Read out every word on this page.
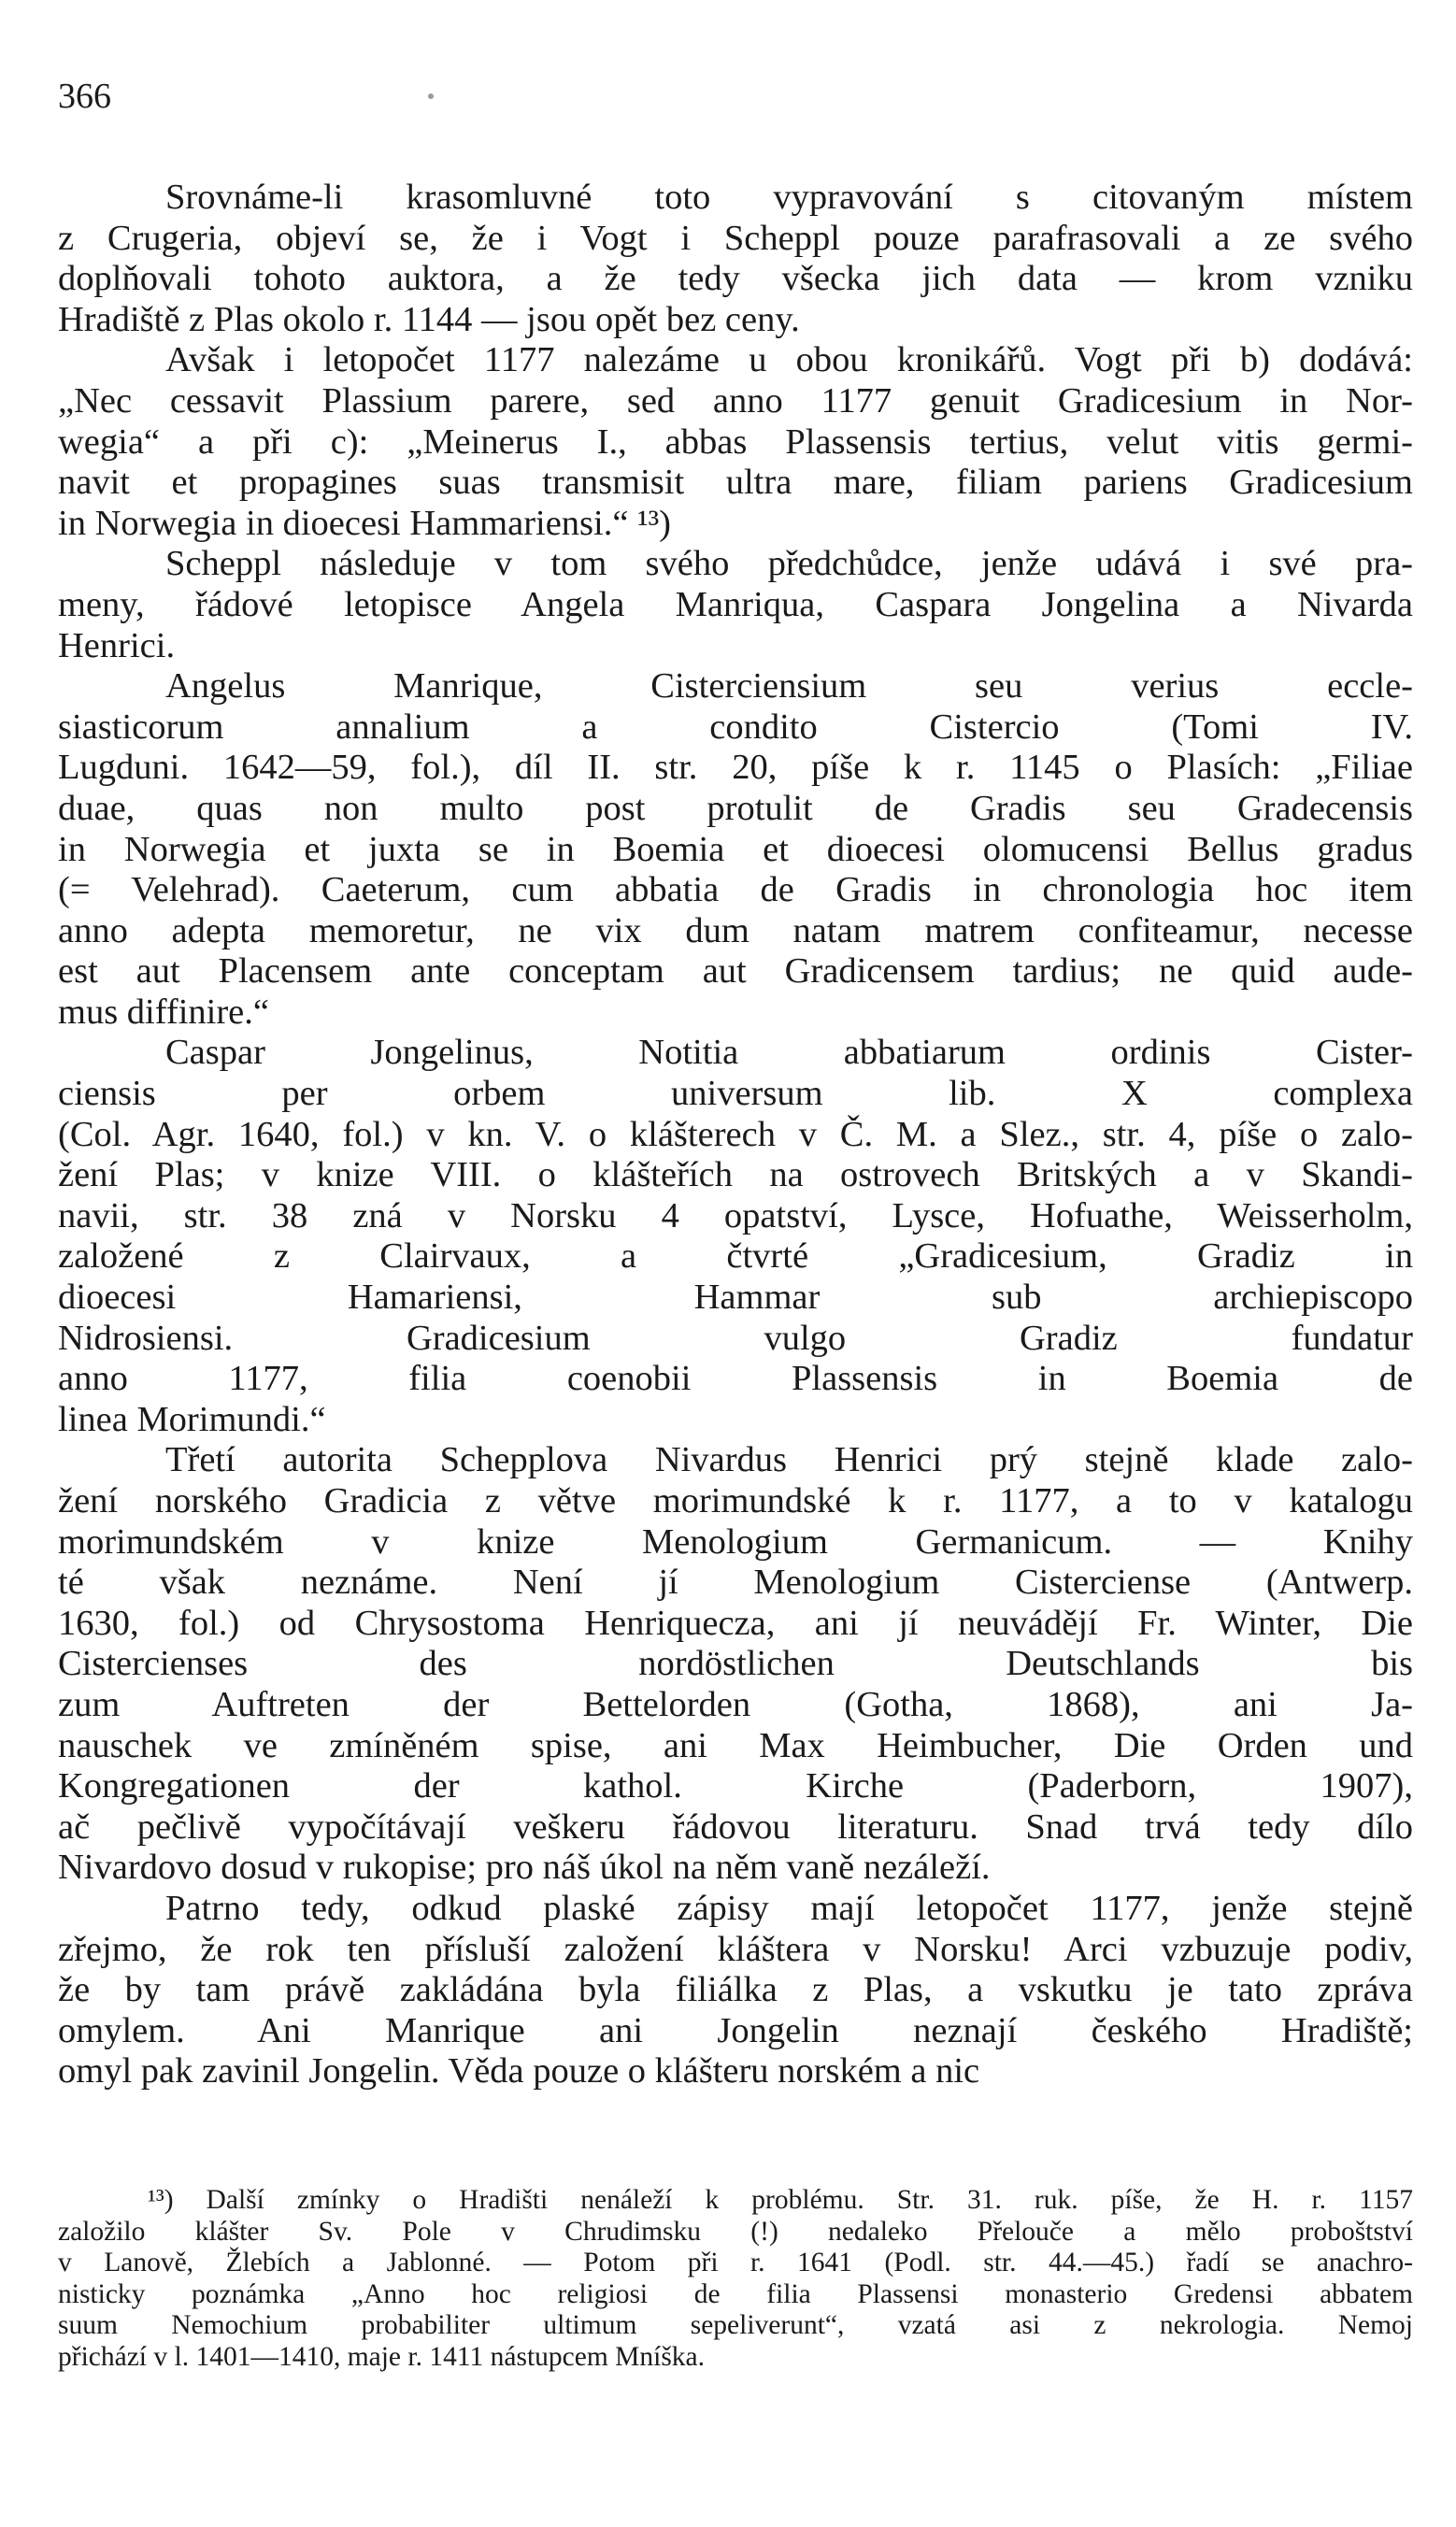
366
Srovnáme-li krasomluvné toto vypravování s citovaným místem
z Crugeria, objeví se, že i Vogt i Scheppl pouze parafrasovali a ze svého
doplňovali tohoto auktora, a že tedy všecka jich data — krom vzniku
Hradiště z Plas okolo r. 1144 — jsou opět bez ceny.
Avšak i letopočet 1177 nalezáme u obou kronikářů. Vogt při b) dodává:
„Nec cessavit Plassium parere, sed anno 1177 genuit Gradicesium in Nor-
wegia“ a při c): „Meinerus I., abbas Plassensis tertius, velut vitis germi-
navit et propagines suas transmisit ultra mare, filiam pariens Gradicesium
in Norwegia in dioecesi Hammariensi.“ ¹³)
Scheppl následuje v tom svého předchůdce, jenže udává i své pra-
meny, řádové letopisce Angela Manriqua, Caspara Jongelina a Nivarda
Henrici.
Angelus Manrique, Cisterciensium seu verius eccle-
siasticorum annalium a condito Cistercio (Tomi IV.
Lugduni. 1642—59, fol.), díl II. str. 20, píše k r. 1145 o Plasích: „Filiae
duae, quas non multo post protulit de Gradis seu Gradecensis
in Norwegia et juxta se in Boemia et dioecesi olomucensi Bellus gradus
(= Velehrad). Caeterum, cum abbatia de Gradis in chronologia hoc item
anno adepta memoretur, ne vix dum natam matrem confiteamur, necesse
est aut Placensem ante conceptam aut Gradicensem tardius; ne quid aude-
mus diffinire.“
Caspar Jongelinus, Notitia abbatiarum ordinis Cister-
ciensis per orbem universum lib. X complexa
(Col. Agr. 1640, fol.) v kn. V. o klášterech v Č. M. a Slez., str. 4, píše o zalo-
žení Plas; v knize VIII. o klášteřích na ostrovech Britských a v Skandi-
navii, str. 38 zná v Norsku 4 opatství, Lysce, Hofuathe, Weisserholm,
založené z Clairvaux, a čtvrté „Gradicesium, Gradiz in
dioecesi Hamariensi, Hammar sub archiepiscopo
Nidrosiensi. Gradicesium vulgo Gradiz fundatur
anno 1177, filia coenobii Plassensis in Boemia de
linea Morimundi.“
Třetí autorita Schepplova Nivardus Henrici prý stejně klade zalo-
žení norského Gradicia z větve morimundské k r. 1177, a to v katalogu
morimundském v knize Menologium Germanicum. — Knihy
té však neznáme. Není jí Menologium Cisterciense (Antwerp.
1630, fol.) od Chrysostoma Henriquecza, ani jí neuvádějí Fr. Winter, Die
Cistercienses des nordöstlichen Deutschlands bis
zum Auftreten der Bettelorden (Gotha, 1868), ani Ja-
nauschek ve zmíněném spise, ani Max Heimbucher, Die Orden und
Kongregationen der kathol. Kirche (Paderborn, 1907),
ač pečlivě vypočítávají veškeru řádovou literaturu. Snad trvá tedy dílo
Nivardovo dosud v rukopise; pro náš úkol na něm vaně nezáleží.
Patrno tedy, odkud plaské zápisy mají letopočet 1177, jenže stejně
zřejmo, že rok ten přísluší založení kláštera v Norsku! Arci vzbuzuje podiv,
že by tam právě zakládána byla filiálka z Plas, a vskutku je tato zpráva
omylem. Ani Manrique ani Jongelin neznají českého Hradiště;
omyl pak zavinil Jongelin. Věda pouze o klášteru norském a nic
¹³) Další zmínky o Hradišti nenáleží k problému. Str. 31. ruk. píše, že H. r. 1157
založilo klášter Sv. Pole v Chrudimsku (!) nedaleko Přelouče a mělo proboštství
v Lanově, Žlebích a Jablonné. — Potom při r. 1641 (Podl. str. 44.—45.) řadí se anachro-
nisticky poznámka „Anno hoc religiosi de filia Plassensi monasterio Gredensi abbatem
suum Nemochium probabiliter ultimum sepeliverunt“, vzatá asi z nekrologia. Nemoj
přichází v l. 1401—1410, maje r. 1411 nástupcem Mníška.
